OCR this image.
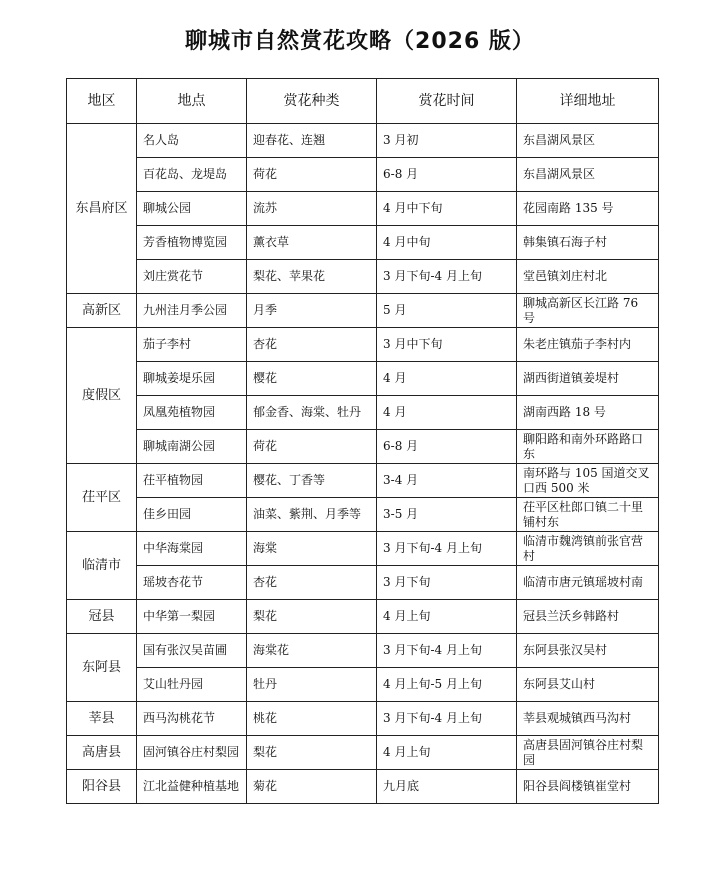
聊城市自然赏花攻略（2026 版）
地区	地点	赏花种类	赏花时间	详细地址
东昌府区	名人岛	迎春花、连翘	3 月初	东昌湖风景区
	百花岛、龙堤岛	荷花	6-8 月	东昌湖风景区
	聊城公园	流苏	4 月中下旬	花园南路 135 号
	芳香植物博览园	薰衣草	4 月中旬	韩集镇石海子村
	刘庄赏花节	梨花、苹果花	3 月下旬-4 月上旬	堂邑镇刘庄村北
高新区	九州洼月季公园	月季	5 月	聊城高新区长江路 76 号
度假区	茄子李村	杏花	3 月中下旬	朱老庄镇茄子李村内
	聊城姜堤乐园	樱花	4 月	湖西街道镇姜堤村
	凤凰苑植物园	郁金香、海棠、牡丹	4 月	湖南西路 18 号
	聊城南湖公园	荷花	6-8 月	聊阳路和南外环路路口东
茌平区	茌平植物园	樱花、丁香等	3-4 月	南环路与 105 国道交叉口西 500 米
	佳乡田园	油菜、紫荆、月季等	3-5 月	茌平区杜郎口镇二十里铺村东
临清市	中华海棠园	海棠	3 月下旬-4 月上旬	临清市魏湾镇前张官营村
	瑶坡杏花节	杏花	3 月下旬	临清市唐元镇瑶坡村南
冠县	中华第一梨园	梨花	4 月上旬	冠县兰沃乡韩路村
东阿县	国有张汉吴苗圃	海棠花	3 月下旬-4 月上旬	东阿县张汉吴村
	艾山牡丹园	牡丹	4 月上旬-5 月上旬	东阿县艾山村
莘县	西马沟桃花节	桃花	3 月下旬-4 月上旬	莘县观城镇西马沟村
高唐县	固河镇谷庄村梨园	梨花	4 月上旬	高唐县固河镇谷庄村梨园
阳谷县	江北益健种植基地	菊花	九月底	阳谷县阎楼镇崔堂村
